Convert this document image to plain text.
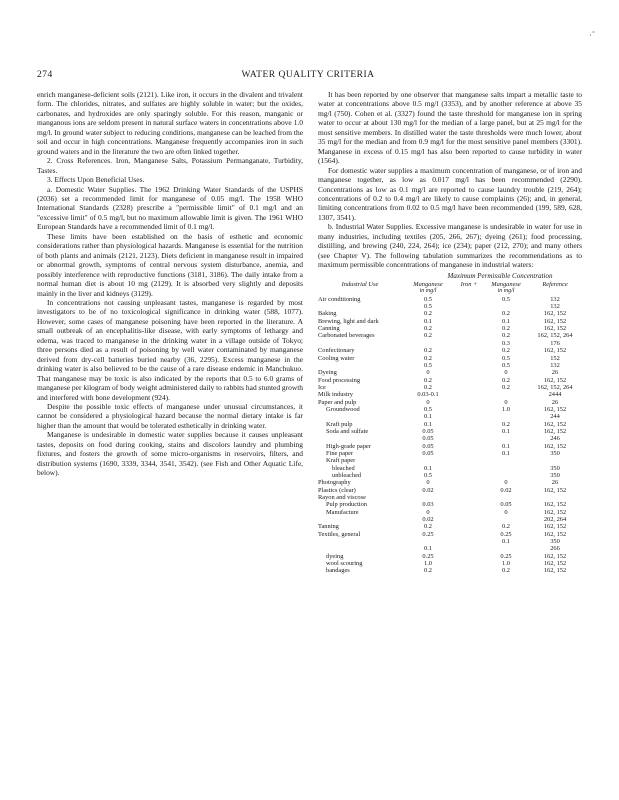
·˚
274	WATER QUALITY CRITERIA

enrich manganese-deficient soils (2121). Like iron, it occurs in the divalent and trivalent form. The chlorides, nitrates, and sulfates are highly soluble in water; but the oxides, carbonates, and hydroxides are only sparingly soluble. For this reason, manganic or manganous ions are seldom present in natural surface waters in concentrations above 1.0 mg/l. In ground water subject to reducing conditions, manganese can be leached from the soil and occur in high concentrations. Manganese frequently accompanies iron in such ground waters and in the literature the two are often linked together.

2. Cross References. Iron, Manganese Salts, Potassium Permanganate, Turbidity, Tastes.

3. Effects Upon Beneficial Uses.

a. Domestic Water Supplies. The 1962 Drinking Water Standards of the USPHS (2036) set a recommended limit for manganese of 0.05 mg/l. The 1958 WHO International Standards (2328) prescribe a "permissible limit" of 0.1 mg/l and an "excessive limit" of 0.5 mg/l, but no maximum allowable limit is given. The 1961 WHO European Standards have a recommended limit of 0.1 mg/l.

These limits have been established on the basis of esthetic and economic considerations rather than physiological hazards. Manganese is essential for the nutrition of both plants and animals (2121, 2123). Diets deficient in manganese result in impaired or abnormal growth, symptoms of central nervous system disturbance, anemia, and possibly interference with reproductive functions (3181, 3186). The daily intake from a normal human diet is about 10 mg (2129). It is absorbed very slightly and deposits mainly in the liver and kidneys (3129).

In concentrations not causing unpleasant tastes, manganese is regarded by most investigators to be of no toxicological significance in drinking water (588, 1077). However, some cases of manganese poisoning have been reported in the literature. A small outbreak of an encephalitis-like disease, with early symptoms of lethargy and edema, was traced to manganese in the drinking water in a village outside of Tokyo; three persons died as a result of poisoning by well water contaminated by manganese derived from dry-cell batteries buried nearby (36, 2295). Excess manganese in the drinking water is also believed to be the cause of a rare disease endemic in Manchukuo. That manganese may be toxic is also indicated by the reports that 0.5 to 6.0 grams of manganese per kilogram of body weight administered daily to rabbits had stunted growth and interfered with bone development (924).

Despite the possible toxic effects of manganese under unusual circumstances, it cannot be considered a physiological hazard because the normal dietary intake is far higher than the amount that would be tolerated esthetically in drinking water.

Manganese is undesirable in domestic water supplies because it causes unpleasant tastes, deposits on food during cooking, stains and discolors laundry and plumbing fixtures, and fosters the growth of some micro-organisms in reservoirs, filters, and distribution systems (1690, 3339, 3344, 3541, 3542). (see Fish and Other Aquatic Life, below).

It has been reported by one observer that manganese salts impart a metallic taste to water at concentrations above 0.5 mg/l (3353), and by another reference at above 35 mg/l (750). Cohen et al. (3327) found the taste threshold for manganese ion in spring water to occur at about 130 mg/l for the median of a large panel, but at 25 mg/l for the most sensitive members. In distilled water the taste thresholds were much lower, about 35 mg/l for the median and from 0.9 mg/l for the most sensitive panel members (3301). Manganese in excess of 0.15 mg/l has also been reported to cause turbidity in water (1564).

For domestic water supplies a maximum concentration of manganese, or of iron and manganese together, as low as 0.017 mg/l has been recommended (2290). Concentrations as low as 0.1 mg/l are reported to cause laundry trouble (219, 264); concentrations of 0.2 to 0.4 mg/l are likely to cause complaints (26); and, in general, limiting concentrations from 0.02 to 0.5 mg/l have been recommended (199, 589, 628, 1307, 3541).

b. Industrial Water Supplies. Excessive manganese is undesirable in water for use in many industries, including textiles (205, 266, 267); dyeing (261); food processing, distilling, and brewing (240, 224, 264); ice (234); paper (212, 270); and many others (see Chapter V). The following tabulation summarizes the recommendations as to maximum permissible concentrations of manganese in industrial waters:

Maximum Permissible Concentration
Industrial Use	Manganese	Iron +	Manganese	Reference
	in mg/l		in mg/l	
Air conditioning	0.5		0.5	132
	0.5			132
Baking	0.2		0.2	162, 152
Brewing, light and dark	0.1		0.1	162, 152
Canning	0.2		0.2	162, 152
Carbonated beverages	0.2		0.2	162, 152, 264
			0.3	176
Confectionary	0.2		0.2	162, 152
Cooling water	0.2		0.5	152
	0.5		0.5	132
Dyeing	0		0	26
Food processing	0.2		0.2	162, 152
Ice	0.2		0.2	162, 152, 264
Milk industry	0.03-0.1			2444
Paper and pulp	0		0	26
Groundwood	0.5		1.0	162, 152
	0.1			244
Kraft pulp	0.1		0.2	162, 152
Soda and sulfate	0.05		0.1	162, 152
	0.05			246
High-grade paper	0.05		0.1	162, 152
Fine paper	0.05		0.1	350
Kraft paper				
bleached	0.1			350
unbleached	0.5			350
Photography	0		0	26
Plastics (clear)	0.02		0.02	162, 152
Rayon and viscose				
Pulp production	0.03		0.05	162, 152
Manufacture	0		0	162, 152
	0.02			202, 264
Tanning	0.2		0.2	162, 152
Textiles, general	0.25		0.25	162, 152
			0.1	350
	0.1			266
dyeing	0.25		0.25	162, 152
wool scouring	1.0		1.0	162, 152
bandages	0.2		0.2	162, 152
